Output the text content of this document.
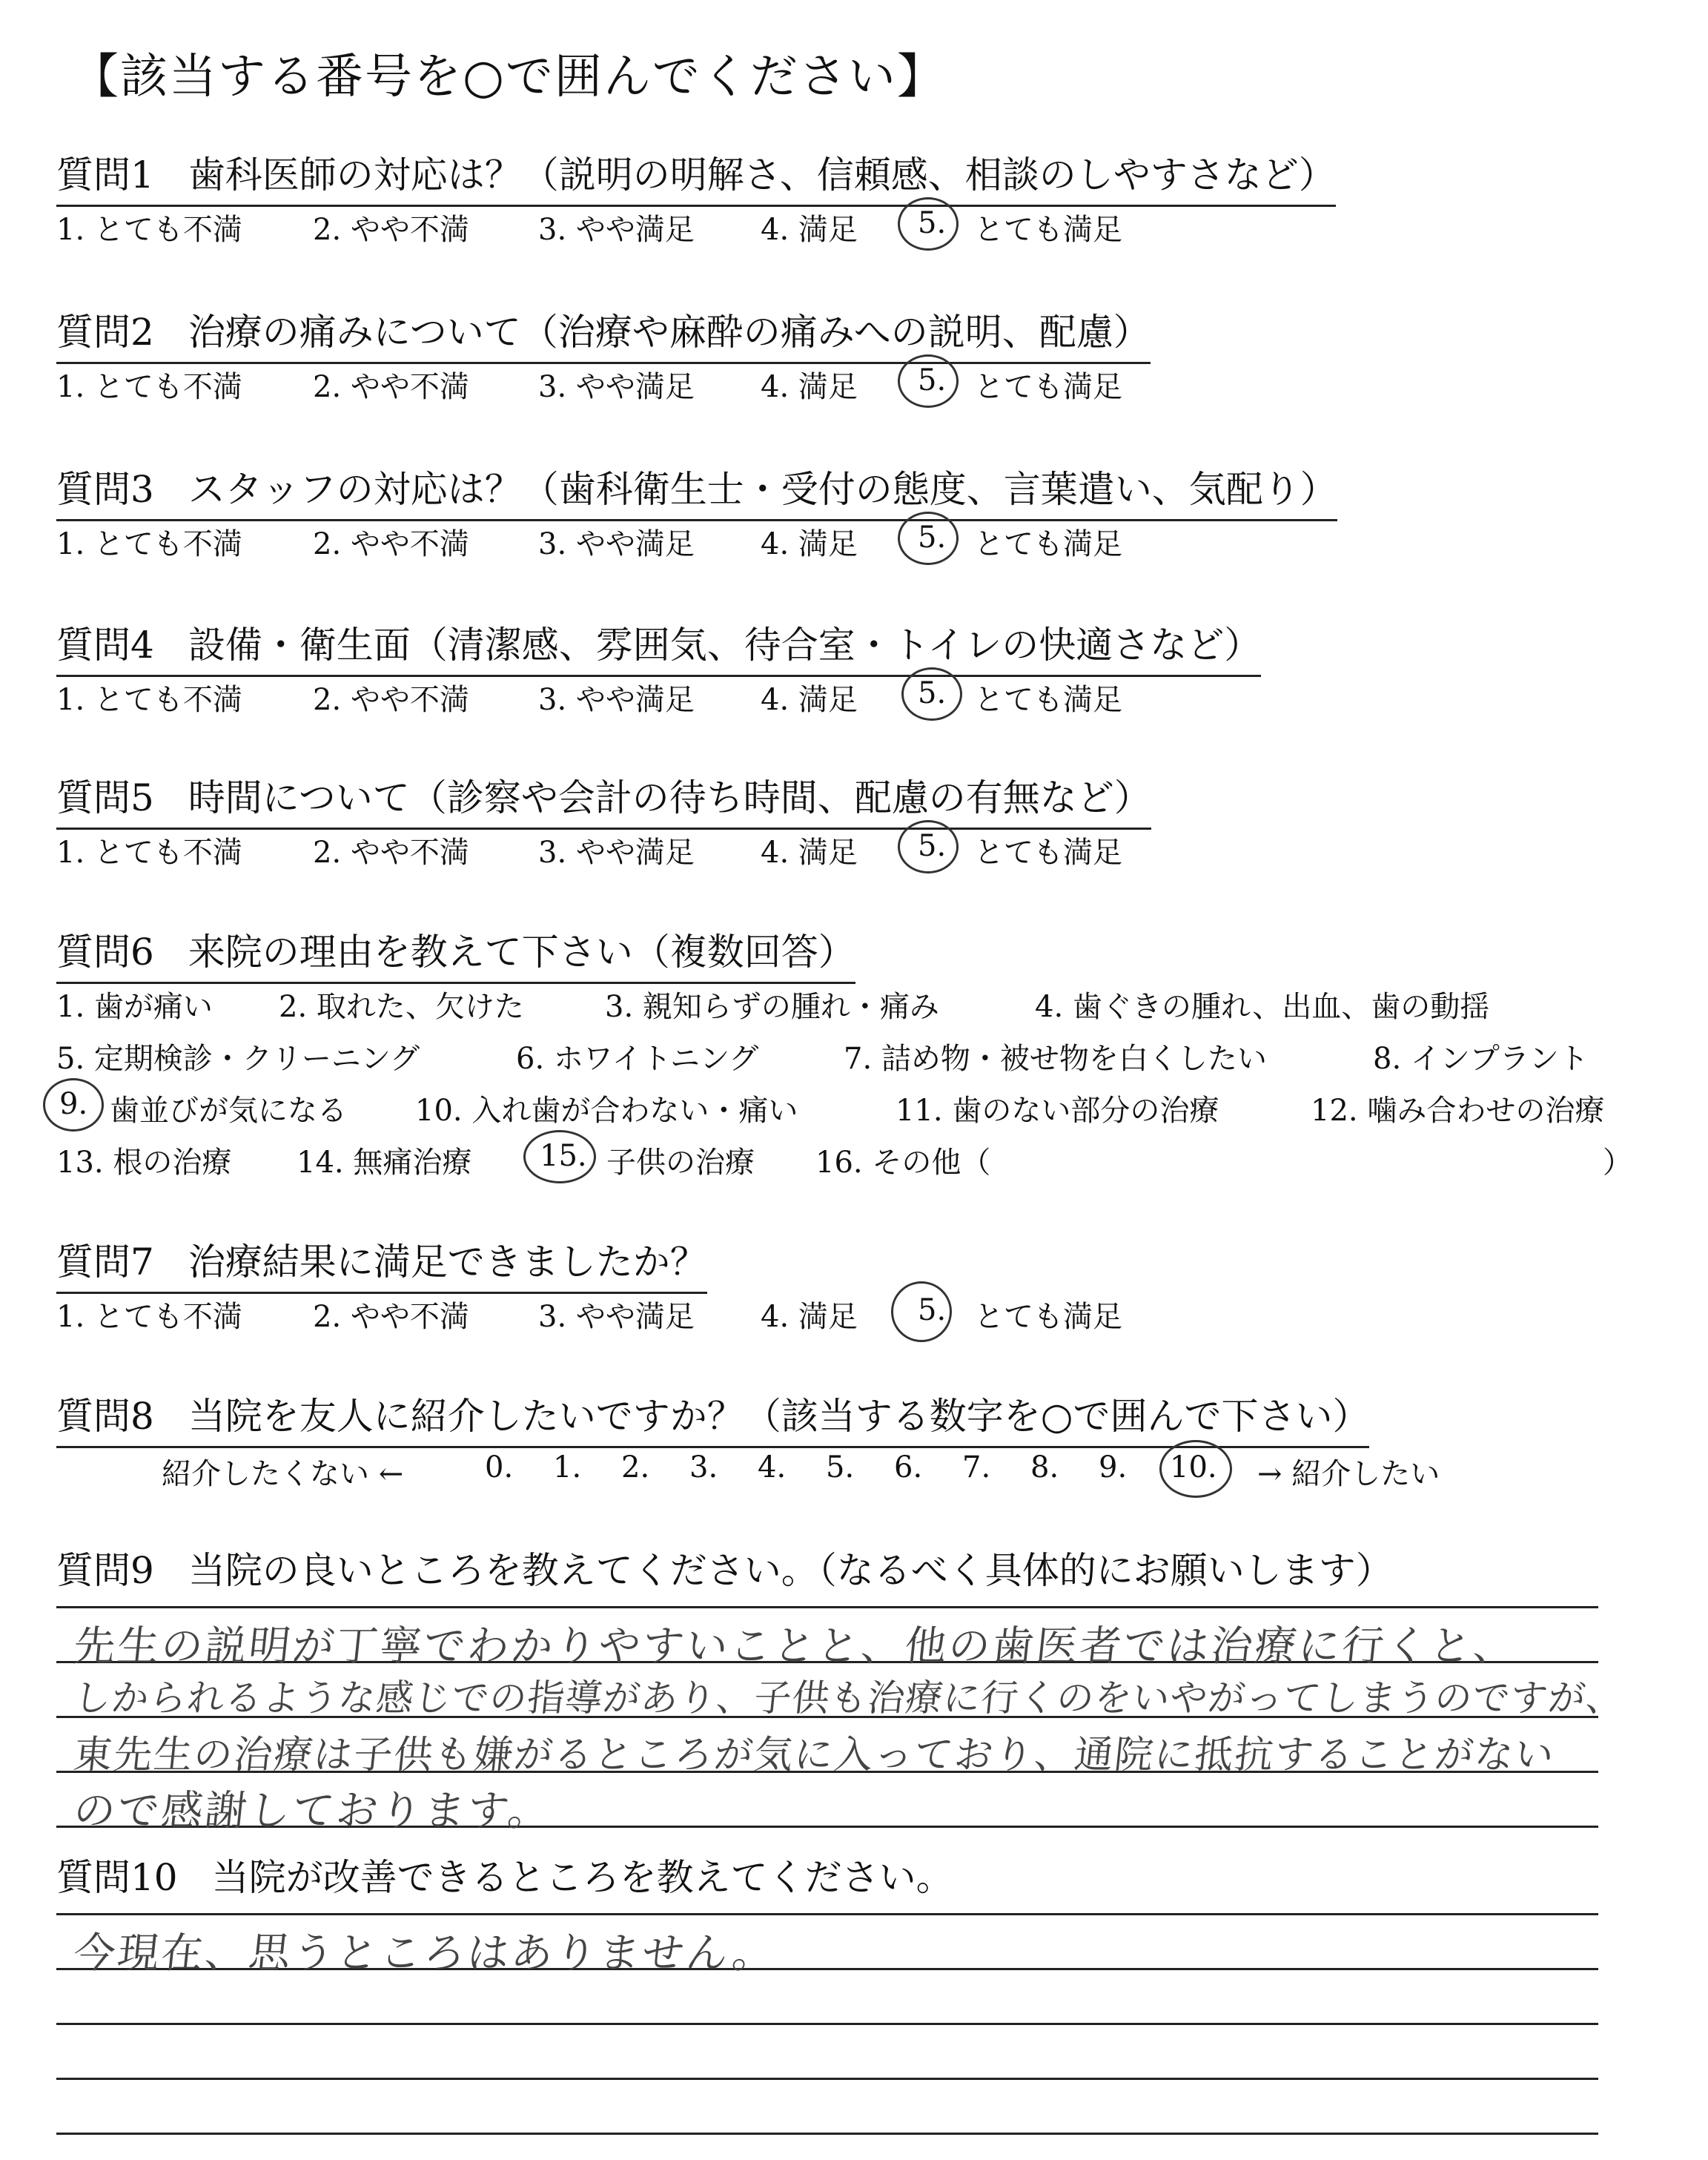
【該当する番号を○で囲んでください】
質問1 歯科医師の対応は？（説明の明解さ、信頼感、相談のしやすさなど）
1. とても不満 2. やや不満 3. やや満足 4. 満足 5. とても満足
質問2 治療の痛みについて（治療や麻酔の痛みへの説明、配慮）
1. とても不満 2. やや不満 3. やや満足 4. 満足 5. とても満足
質問3 スタッフの対応は？（歯科衛生士・受付の態度、言葉遣い、気配り）
1. とても不満 2. やや不満 3. やや満足 4. 満足 5. とても満足
質問4 設備・衛生面（清潔感、雰囲気、待合室・トイレの快適さなど）
1. とても不満 2. やや不満 3. やや満足 4. 満足 5. とても満足
質問5 時間について（診察や会計の待ち時間、配慮の有無など）
1. とても不満 2. やや不満 3. やや満足 4. 満足 5. とても満足
質問6 来院の理由を教えて下さい（複数回答）
1. 歯が痛い 2. 取れた、欠けた	3. 親知らずの腫れ・痛み	4. 歯ぐきの腫れ、出血、歯の動揺
5. 定期検診・クリーニング	6. ホワイトニング	7. 詰め物・被せ物を白くしたい	8. インプラント
9. 歯並びが気になる 10. 入れ歯が合わない・痛い	11. 歯のない部分の治療	12. 噛み合わせの治療
13. 根の治療 14. 無痛治療 15. 子供の治療 16. その他（	）
質問7 治療結果に満足できましたか？
1. とても不満 2. やや不満 3. やや満足 4. 満足 5. とても満足
質問8 当院を友人に紹介したいですか？（該当する数字を○で囲んで下さい）
紹介したくない ←	0. 1. 2. 3. 4. 5. 6. 7. 8. 9. 10. → 紹介したい
質問9 当院の良いところを教えてください。（なるべく具体的にお願いします）
先生の説明が丁寧でわかりやすいことと、他の歯医者では治療に行くと、
しかられるような感じでの指導があり、子供も治療に行くのをいやがってしまうのですが、
東先生の治療は子供も嫌がるところが気に入っており、通院に抵抗することがない
ので感謝しております。
質問10 当院が改善できるところを教えてください。
今現在、思うところはありません。
